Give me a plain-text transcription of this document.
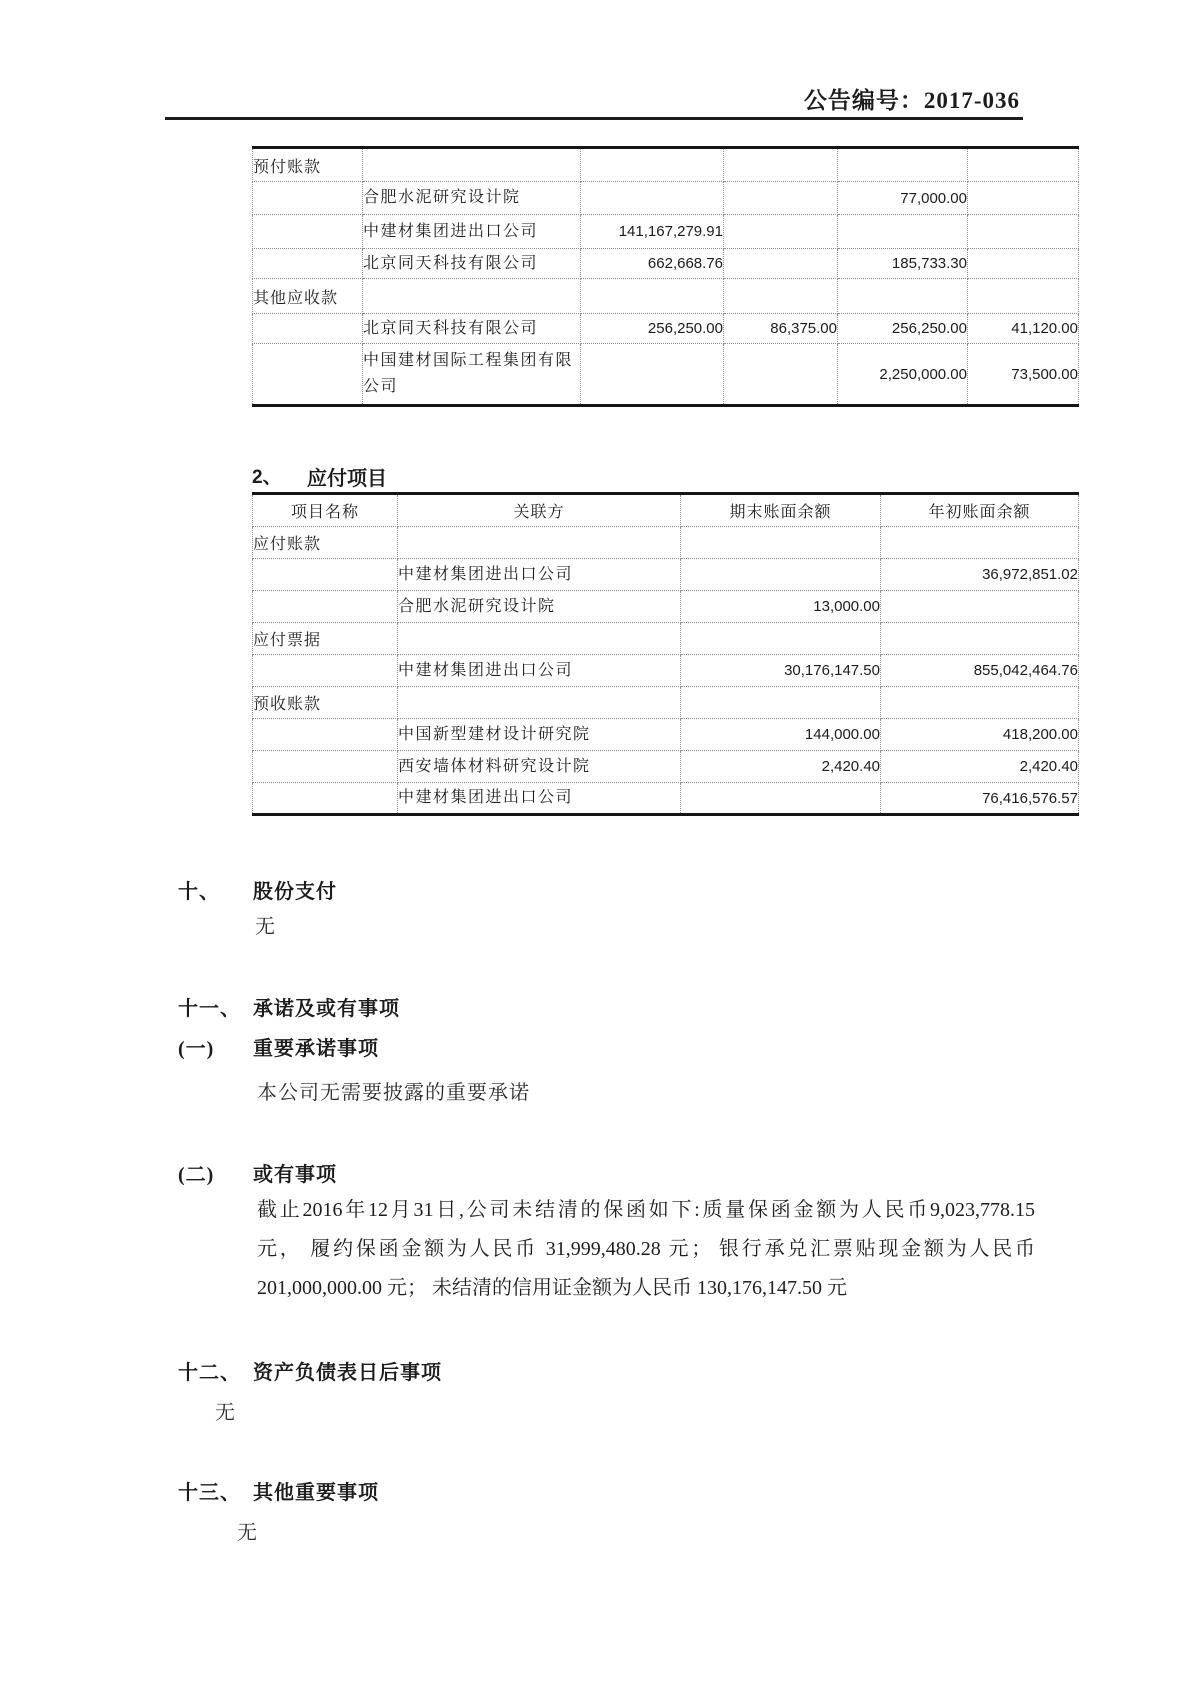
公告编号：2017-036
预付账款					
	合肥水泥研究设计院			77,000.00	
	中建材集团进出口公司	141,167,279.91			
	北京同天科技有限公司	662,668.76		185,733.30	
其他应收款					
	北京同天科技有限公司	256,250.00	86,375.00	256,250.00	41,120.00
	中国建材国际工程集团有限公司			2,250,000.00	73,500.00
2、	应付项目
项目名称	关联方	期末账面余额	年初账面余额
应付账款			
	中建材集团进出口公司		36,972,851.02
	合肥水泥研究设计院	13,000.00	
应付票据			
	中建材集团进出口公司	30,176,147.50	855,042,464.76
预收账款			
	中国新型建材设计研究院	144,000.00	418,200.00
	西安墙体材料研究设计院	2,420.40	2,420.40
	中建材集团进出口公司		76,416,576.57
十、	股份支付
无
十一、 承诺及或有事项
(一)	重要承诺事项
本公司无需要披露的重要承诺
(二)	或有事项
截止2016年12月31日,公司未结清的保函如下:质量保函金额为人民币9,023,778.15
元， 履约保函金额为人民币 31,999,480.28 元； 银行承兑汇票贴现金额为人民币
201,000,000.00 元； 未结清的信用证金额为人民币 130,176,147.50 元
十二、 资产负债表日后事项
无
十三、 其他重要事项
无
